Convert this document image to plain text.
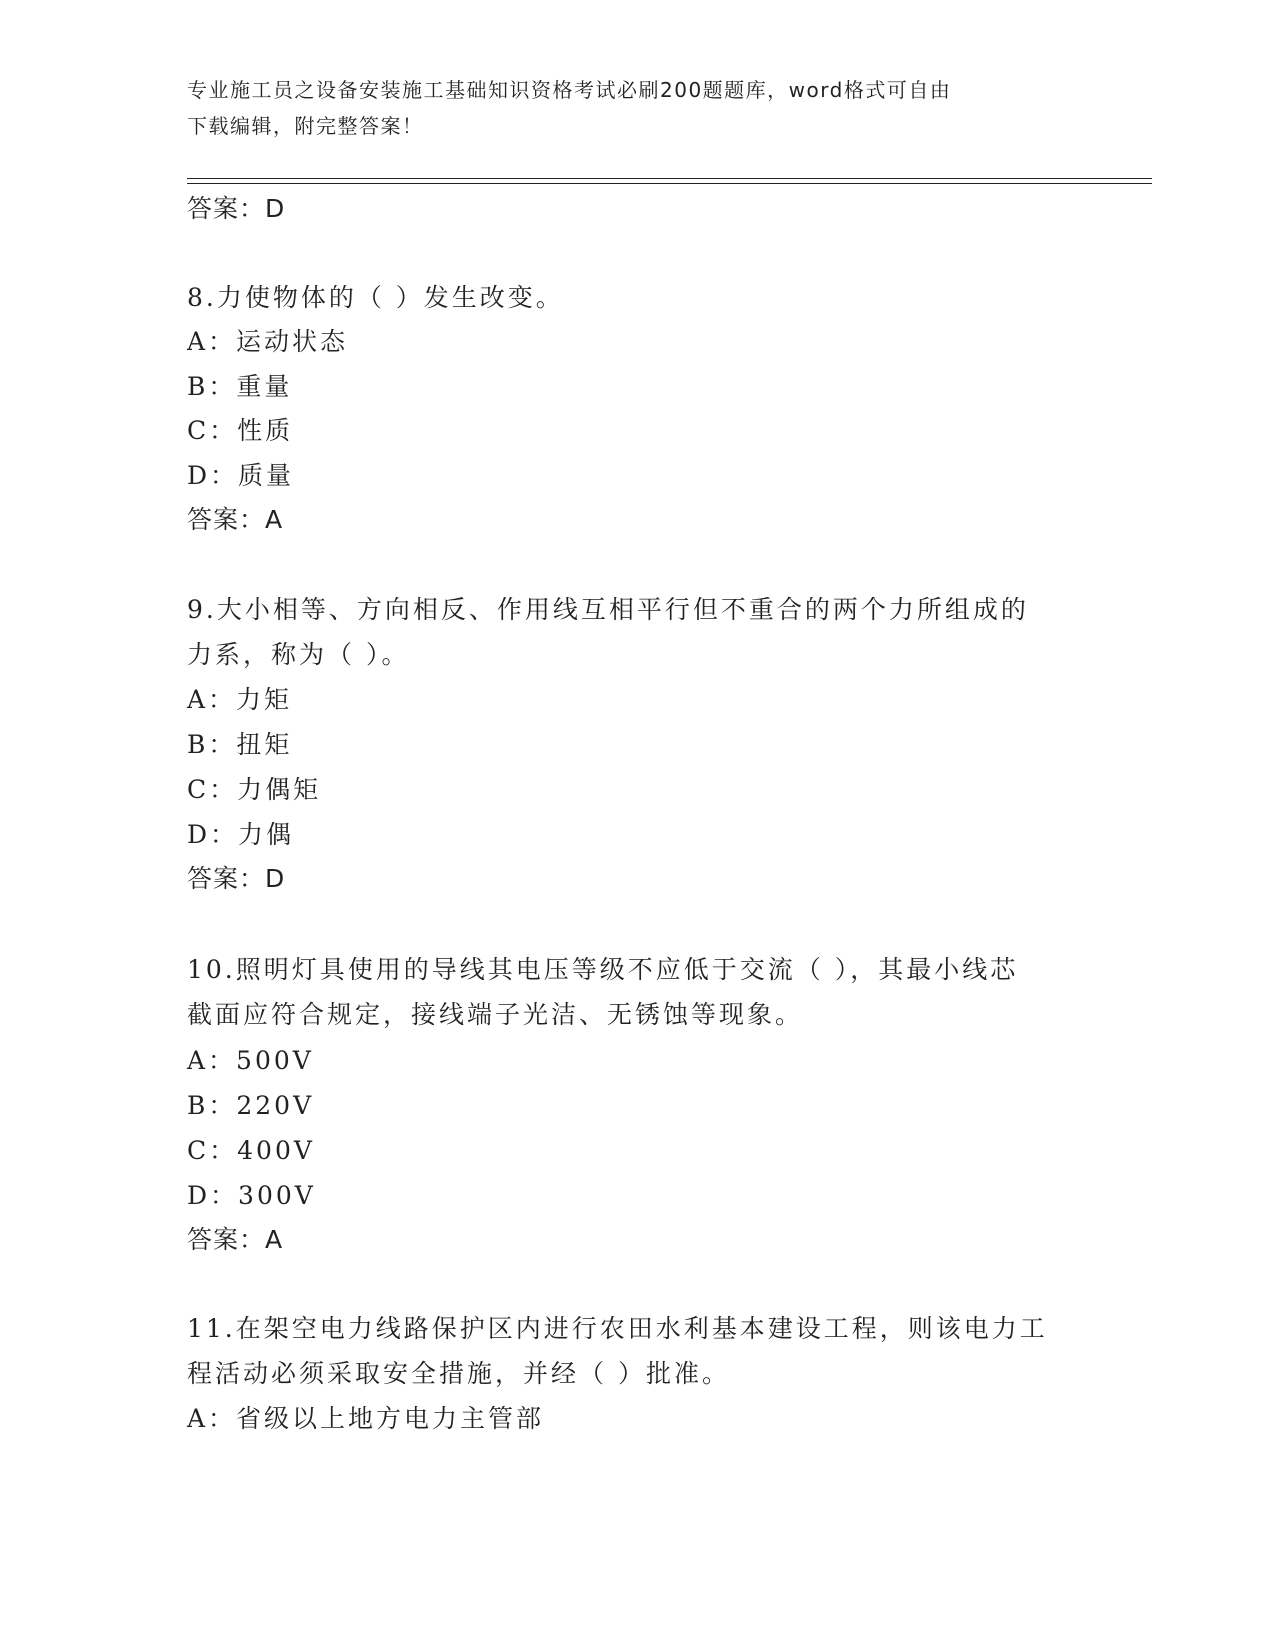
专业施工员之设备安装施工基础知识资格考试必刷200题题库，word格式可自由
下载编辑，附完整答案！
答案：D
8.力使物体的（ ）发生改变。
A：运动状态
B：重量
C：性质
D：质量
答案：A
9.大小相等、方向相反、作用线互相平行但不重合的两个力所组成的
力系，称为（ ）。
A：力矩
B：扭矩
C：力偶矩
D：力偶
答案：D
10.照明灯具使用的导线其电压等级不应低于交流（ ），其最小线芯
截面应符合规定，接线端子光洁、无锈蚀等现象。
A：500V
B：220V
C：400V
D：300V
答案：A
11.在架空电力线路保护区内进行农田水利基本建设工程，则该电力工
程活动必须采取安全措施，并经（ ）批准。
A：省级以上地方电力主管部
